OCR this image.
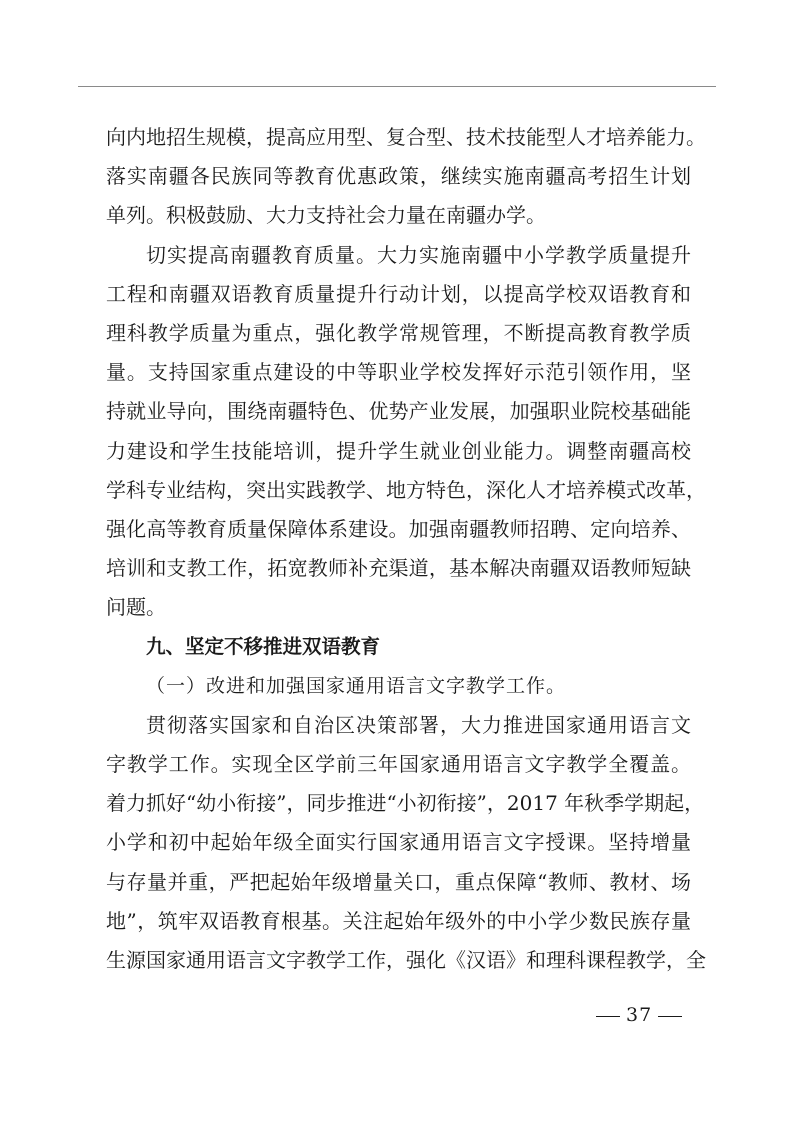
向内地招生规模，提高应用型、复合型、技术技能型人才培养能力。
落实南疆各民族同等教育优惠政策，继续实施南疆高考招生计划
单列。积极鼓励、大力支持社会力量在南疆办学。
切实提高南疆教育质量。大力实施南疆中小学教学质量提升
工程和南疆双语教育质量提升行动计划，以提高学校双语教育和
理科教学质量为重点，强化教学常规管理，不断提高教育教学质
量。支持国家重点建设的中等职业学校发挥好示范引领作用，坚
持就业导向，围绕南疆特色、优势产业发展，加强职业院校基础能
力建设和学生技能培训，提升学生就业创业能力。调整南疆高校
学科专业结构，突出实践教学、地方特色，深化人才培养模式改革，
强化高等教育质量保障体系建设。加强南疆教师招聘、定向培养、
培训和支教工作，拓宽教师补充渠道，基本解决南疆双语教师短缺
问题。
九、坚定不移推进双语教育
（一）改进和加强国家通用语言文字教学工作。
贯彻落实国家和自治区决策部署，大力推进国家通用语言文
字教学工作。实现全区学前三年国家通用语言文字教学全覆盖。
着力抓好“幼小衔接”，同步推进“小初衔接”，2017 年秋季学期起，
小学和初中起始年级全面实行国家通用语言文字授课。坚持增量
与存量并重，严把起始年级增量关口，重点保障“教师、教材、场
地”，筑牢双语教育根基。关注起始年级外的中小学少数民族存量
生源国家通用语言文字教学工作，强化《汉语》和理科课程教学，全
37
